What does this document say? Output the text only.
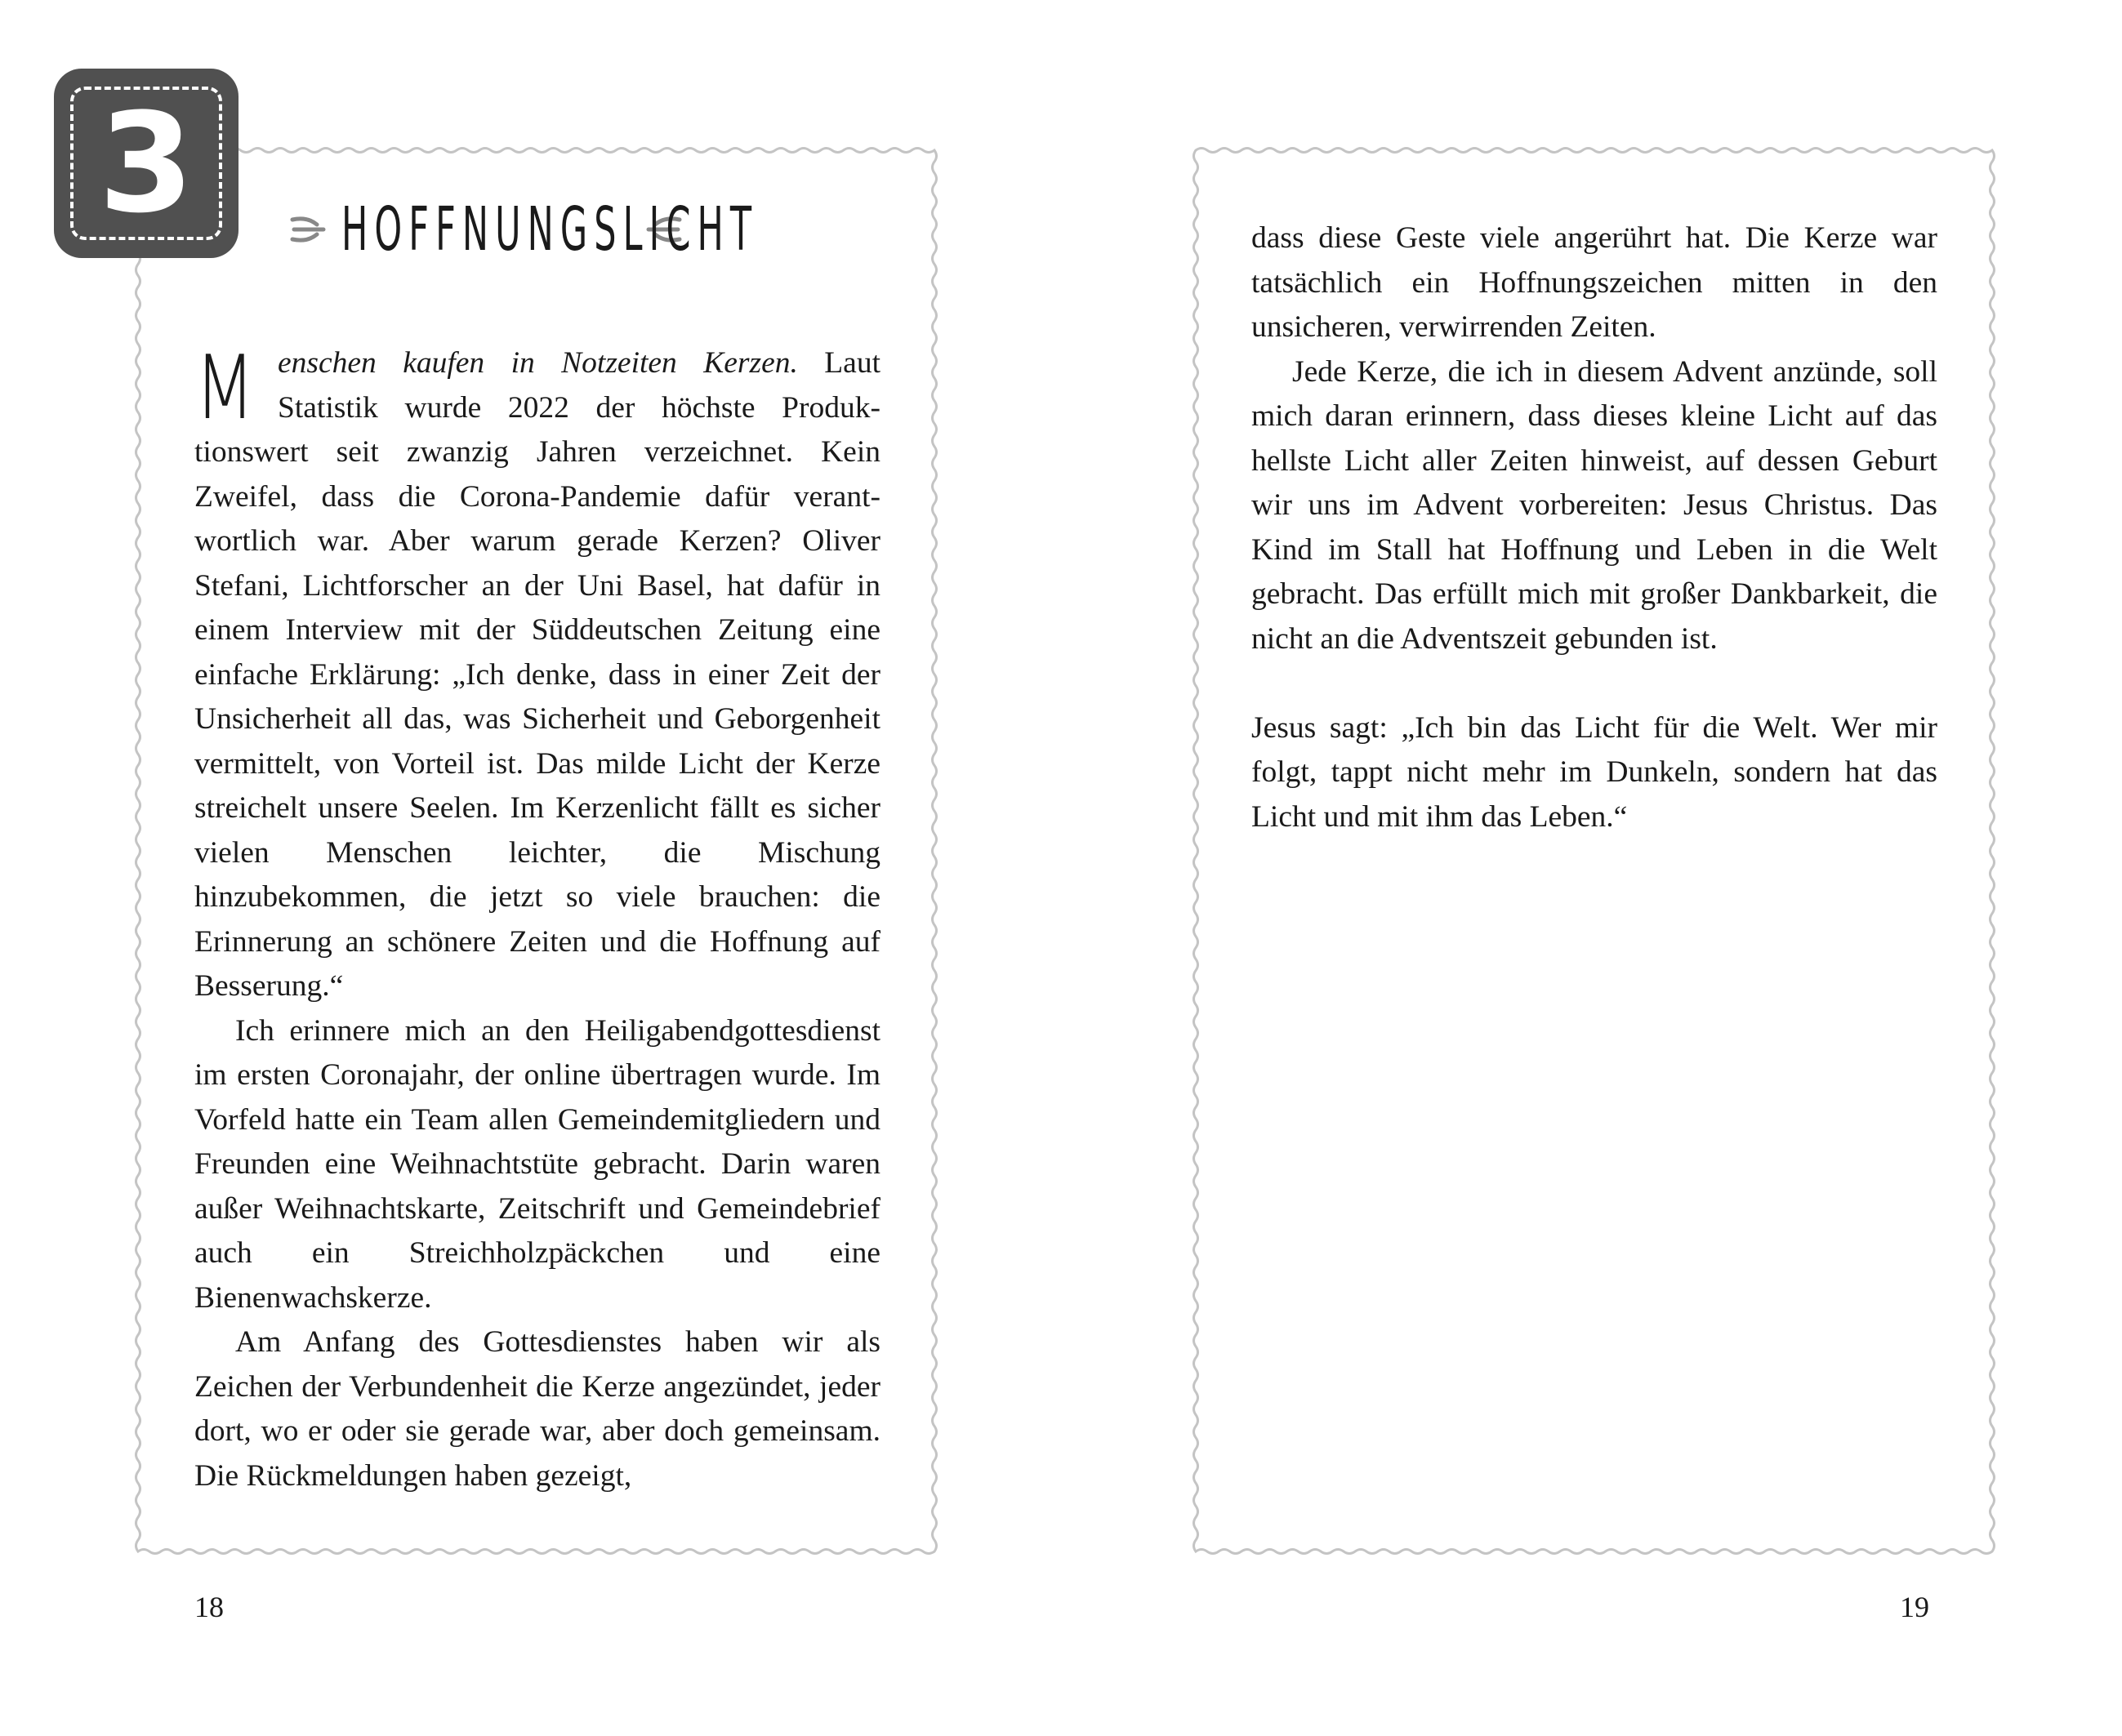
3	HOFFNUNGSLICHT

Menschen kaufen in Notzeiten Kerzen. Laut Statistik wurde 2022 der höchste Produktionswert seit zwanzig Jahren verzeichnet. Kein Zweifel, dass die Corona-Pandemie dafür verantwortlich war. Aber warum gerade Kerzen? Oliver Stefani, Lichtforscher an der Uni Basel, hat dafür in einem Interview mit der Süddeutschen Zeitung eine einfache Erklärung: „Ich denke, dass in einer Zeit der Unsicherheit all das, was Sicherheit und Geborgenheit vermittelt, von Vorteil ist. Das milde Licht der Kerze streichelt unsere Seelen. Im Kerzenlicht fällt es sicher vielen Menschen leichter, die Mischung hinzubekommen, die jetzt so viele brauchen: die Erinnerung an schönere Zeiten und die Hoffnung auf Besserung.“

Ich erinnere mich an den Heiligabendgottesdienst im ersten Coronajahr, der online übertragen wurde. Im Vorfeld hatte ein Team allen Gemeindemitgliedern und Freunden eine Weihnachtstüte gebracht. Darin waren außer Weihnachtskarte, Zeitschrift und Gemeindebrief auch ein Streichholzpäckchen und eine Bienenwachskerze.

Am Anfang des Gottesdienstes haben wir als Zeichen der Verbundenheit die Kerze angezündet, jeder dort, wo er oder sie gerade war, aber doch gemeinsam. Die Rückmeldungen haben gezeigt,

dass diese Geste viele angerührt hat. Die Kerze war tatsächlich ein Hoffnungszeichen mitten in den unsicheren, verwirrenden Zeiten.

Jede Kerze, die ich in diesem Advent anzünde, soll mich daran erinnern, dass dieses kleine Licht auf das hellste Licht aller Zeiten hinweist, auf dessen Geburt wir uns im Advent vorbereiten: Jesus Christus. Das Kind im Stall hat Hoffnung und Leben in die Welt gebracht. Das erfüllt mich mit großer Dankbarkeit, die nicht an die Adventszeit gebunden ist.

Jesus sagt: „Ich bin das Licht für die Welt. Wer mir folgt, tappt nicht mehr im Dunkeln, sondern hat das Licht und mit ihm das Leben.“

18	19
